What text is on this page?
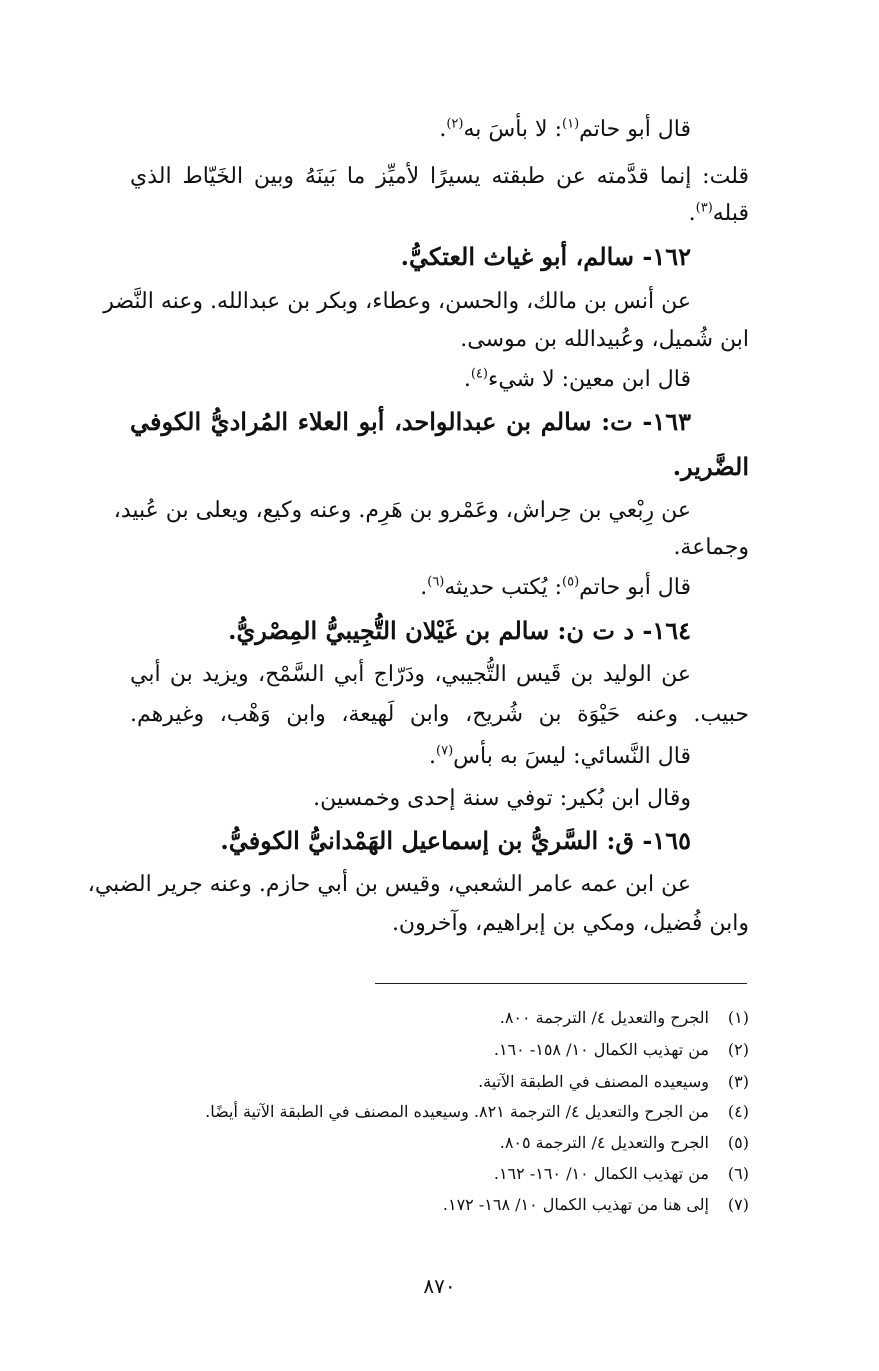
قال أبو حاتم$^{(١)}$: لا بأسَ به$^{(٢)}$.
قلت: إنما قدَّمته عن طبقته يسيرًا لأميِّز ما بَينَهُ وبين الخَيّاط الذي
قبله$^{(٣)}$.
١٦٢- سالم، أبو غياث العتكيُّ.
عن أنس بن مالك، والحسن، وعطاء، وبكر بن عبدالله. وعنه النَّضر
ابن شُميل، وعُبيدالله بن موسى.
قال ابن معين: لا شيء$^{(٤)}$.
١٦٣- ت: سالم بن عبدالواحد، أبو العلاء المُراديُّ الكوفي
الضَّرير.
عن رِبْعي بن حِراش، وعَمْرو بن هَرِم. وعنه وكيع، ويعلى بن عُبيد،
وجماعة.
قال أبو حاتم$^{(٥)}$: يُكتب حديثه$^{(٦)}$.
١٦٤- د ت ن: سالم بن غَيْلان التُّجِيبيُّ المِصْريُّ.
عن الوليد بن قَيس التُّجيبي، ودَرّاج أبي السَّمْح، ويزيد بن أبي
حبيب. وعنه حَيْوَة بن شُريح، وابن لَهيعة، وابن وَهْب، وغيرهم.
قال النَّسائي: ليسَ به بأس$^{(٧)}$.
وقال ابن بُكير: توفي سنة إحدى وخمسين.
١٦٥- ق: السَّريُّ بن إسماعيل الهَمْدانيُّ الكوفيُّ.
عن ابن عمه عامر الشعبي، وقيس بن أبي حازم. وعنه جرير الضبي،
وابن فُضيل، ومكي بن إبراهيم، وآخرون.
(١)الجرح والتعديل ٤/ الترجمة ٨٠٠.
(٢)من تهذيب الكمال ١٠/ ١٥٨- ١٦٠.
(٣)وسيعيده المصنف في الطبقة الآتية.
(٤)من الجرح والتعديل ٤/ الترجمة ٨٢١. وسيعيده المصنف في الطبقة الآتية أيضًا.
(٥)الجرح والتعديل ٤/ الترجمة ٨٠٥.
(٦)من تهذيب الكمال ١٠/ ١٦٠- ١٦٢.
(٧)إلى هنا من تهذيب الكمال ١٠/ ١٦٨- ١٧٢.
٨٧٠
